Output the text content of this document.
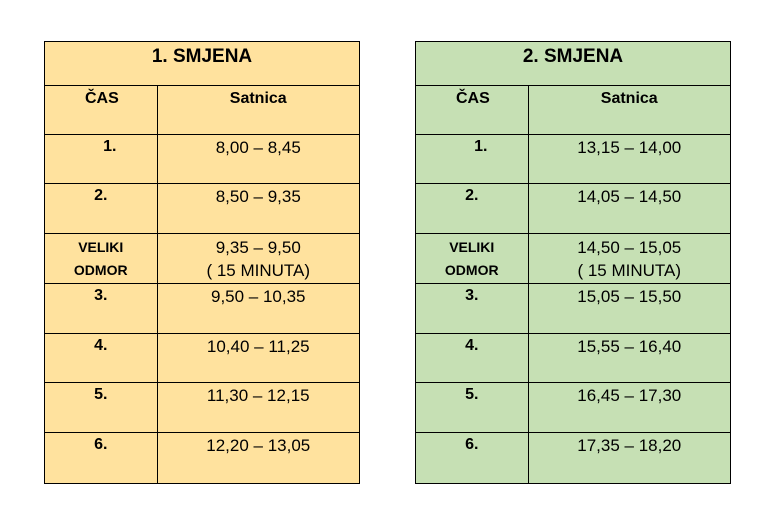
1. SMJENA	
ČAS	Satnica
1.	8,00 – 8,45
2.	8,50 – 9,35

VELIKI
ODMOR	9,35 – 9,50
( 15 MINUTA)

3.	9,50 – 10,35
4.	10,40 – 11,25
5.	11,30 – 12,15
6.	12,20 – 13,05
2. SMJENA	
ČAS	Satnica
1.	13,15 – 14,00
2.	14,05 – 14,50

VELIKI
ODMOR	14,50 – 15,05
( 15 MINUTA)

3.	15,05 – 15,50
4.	15,55 – 16,40
5.	16,45 – 17,30
6.	17,35 – 18,20
